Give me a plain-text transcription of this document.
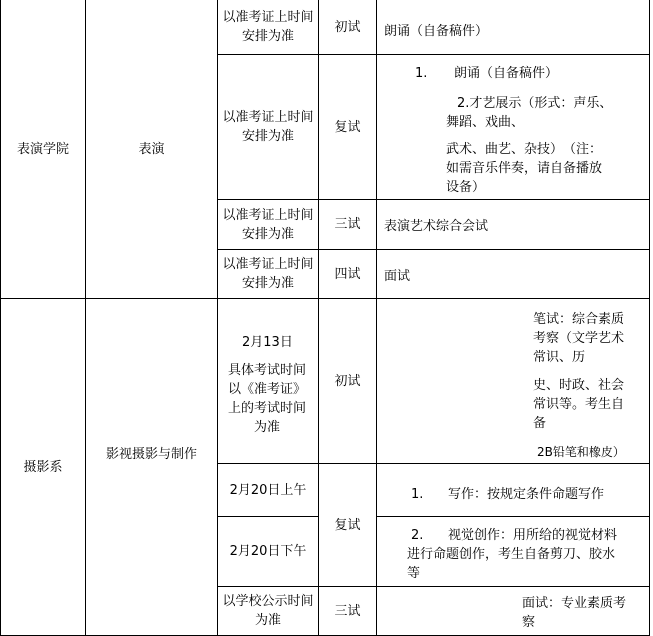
表演学院	表演
以准考证上时间安排为准
初试 朗诵（自备稿件）
以准考证上时间安排为准
复试
1. 朗诵（自备稿件）
2.才艺展示（形式：声乐、
舞蹈、戏曲、
武术、曲艺、杂技）　（注：
如需音乐伴奏，请自备播放
设备）
以准考证上时间安排为准
三试 表演艺术综合会试
以准考证上时间安排为准
四试 面试
摄影系
影视摄影与制作
2月13日
具体考试时间
以《准考证》
上的考试时间
为准
初试
笔试：综合素质
考察（文学艺术
常识、历
史、时政、社会
常识等。考生自
备
2B铅笔和橡皮）
2月20日上午
2月20日下午
复试
1. 写作：按规定条件命题写作
2. 视觉创作：用所给的视觉材料
进行命题创作，考生自备剪刀、胶水
等
以学校公示时间为准
三试	面试：专业素质考
察
